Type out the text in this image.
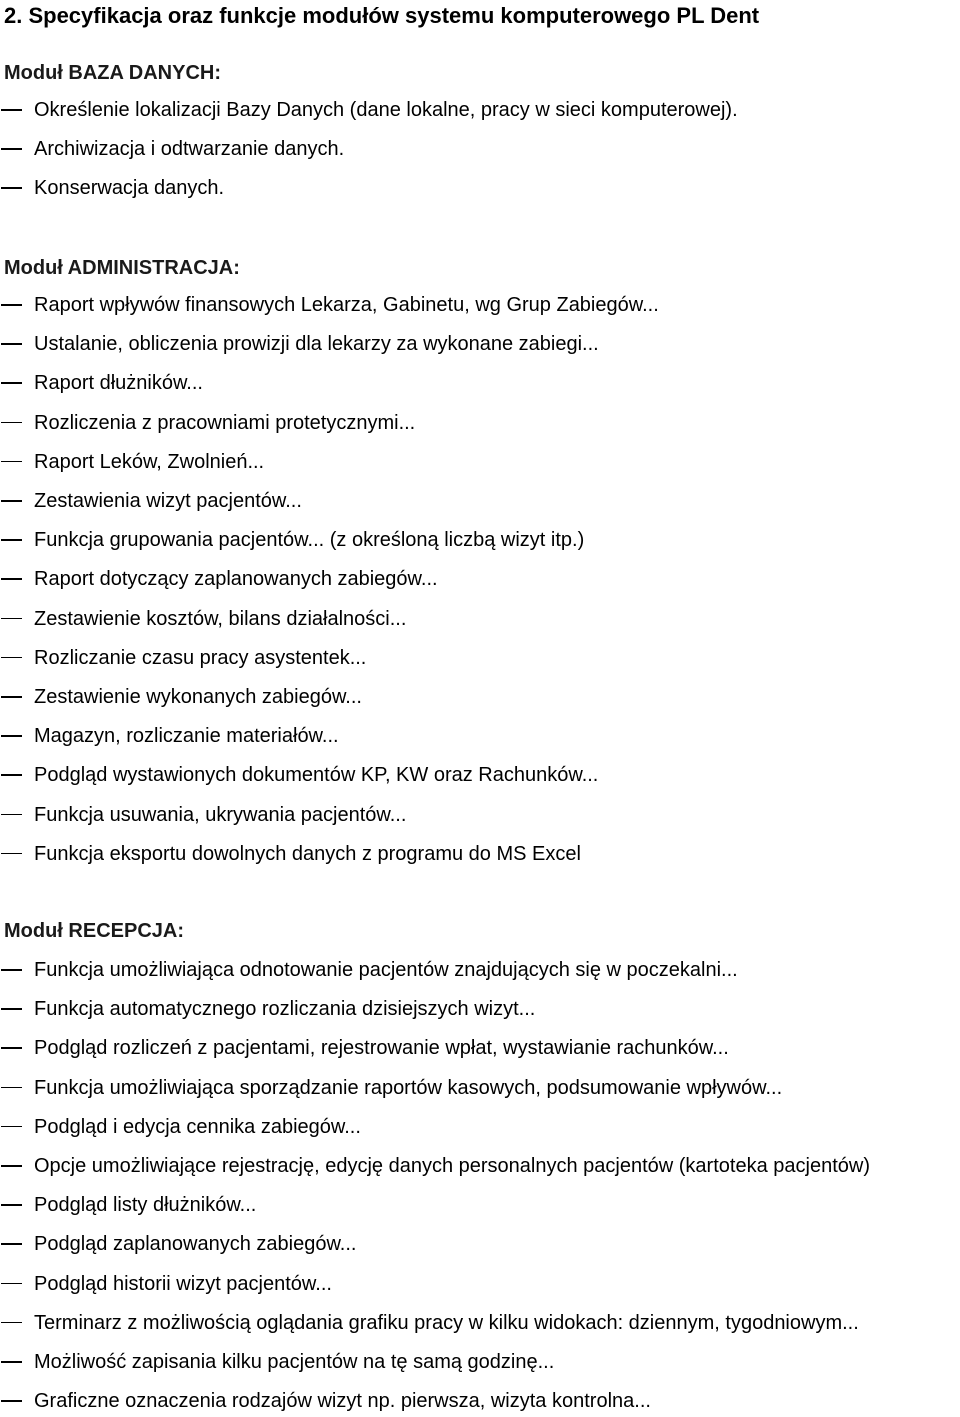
2. Specyfikacja oraz funkcje modułów systemu komputerowego PL Dent
Moduł BAZA DANYCH:
Określenie lokalizacji Bazy Danych (dane lokalne, pracy w sieci komputerowej).
Archiwizacja i odtwarzanie danych.
Konserwacja danych.
Moduł ADMINISTRACJA:
Raport wpływów finansowych Lekarza, Gabinetu, wg Grup Zabiegów...
Ustalanie, obliczenia prowizji dla lekarzy za wykonane zabiegi...
Raport dłużników...
Rozliczenia z pracowniami protetycznymi...
Raport Leków, Zwolnień...
Zestawienia wizyt pacjentów...
Funkcja grupowania pacjentów... (z określoną liczbą wizyt itp.)
Raport dotyczący zaplanowanych zabiegów...
Zestawienie kosztów, bilans działalności...
Rozliczanie czasu pracy asystentek...
Zestawienie wykonanych zabiegów...
Magazyn, rozliczanie materiałów...
Podgląd wystawionych dokumentów KP, KW oraz Rachunków...
Funkcja usuwania, ukrywania pacjentów...
Funkcja eksportu dowolnych danych z programu do MS Excel
Moduł RECEPCJA:
Funkcja umożliwiająca odnotowanie pacjentów znajdujących się w poczekalni...
Funkcja automatycznego rozliczania dzisiejszych wizyt...
Podgląd rozliczeń z pacjentami, rejestrowanie wpłat, wystawianie rachunków...
Funkcja umożliwiająca sporządzanie raportów kasowych, podsumowanie wpływów...
Podgląd i edycja cennika zabiegów...
Opcje umożliwiające rejestrację, edycję danych personalnych pacjentów (kartoteka pacjentów)
Podgląd listy dłużników...
Podgląd zaplanowanych zabiegów...
Podgląd historii wizyt pacjentów...
Terminarz z możliwością oglądania grafiku pracy w kilku widokach: dziennym, tygodniowym...
Możliwość zapisania kilku pacjentów na tę samą godzinę...
Graficzne oznaczenia rodzajów wizyt np. pierwsza, wizyta kontrolna...
